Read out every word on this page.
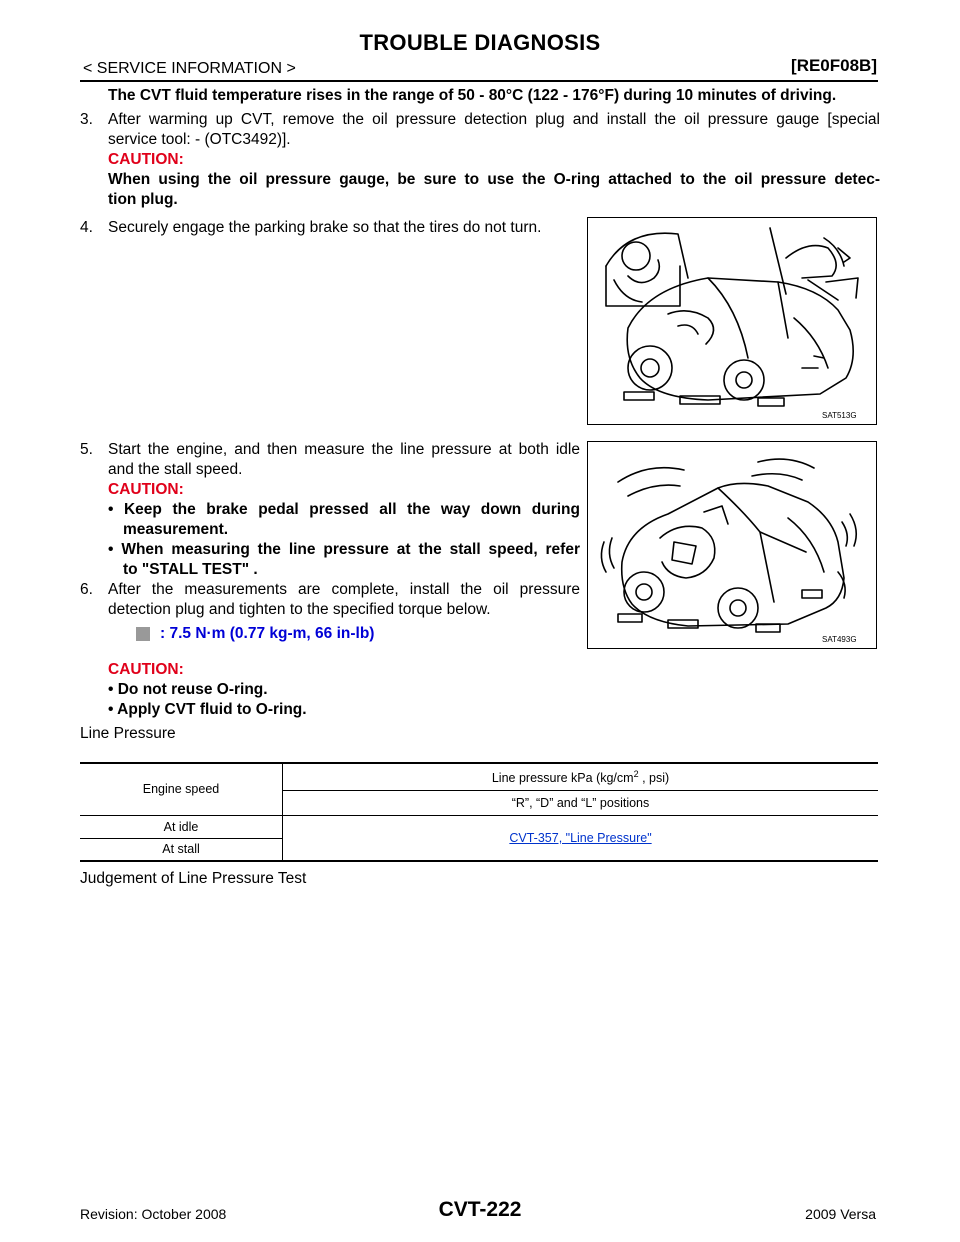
TROUBLE DIAGNOSIS
< SERVICE INFORMATION >	[RE0F08B]
The CVT fluid temperature rises in the range of 50 - 80°C (122 - 176°F) during 10 minutes of driving.
3. After warming up CVT, remove the oil pressure detection plug and install the oil pressure gauge [special
service tool: - (OTC3492)].
CAUTION:
When using the oil pressure gauge, be sure to use the O-ring attached to the oil pressure detec-
tion plug.
4. Securely engage the parking brake so that the tires do not turn.
SAT513G
5. Start the engine, and then measure the line pressure at both idle
and the stall speed.
CAUTION:
• Keep the brake pedal pressed all the way down during
measurement.
• When measuring the line pressure at the stall speed, refer
to "STALL TEST" .
6. After the measurements are complete, install the oil pressure
detection plug and tighten to the specified torque below.
: 7.5 N·m (0.77 kg-m, 66 in-lb)
CAUTION:
• Do not reuse O-ring.
• Apply CVT fluid to O-ring.
SAT493G
Line Pressure
Engine speed	Line pressure kPa ($kg/cm^2$ , psi)
	“R”, “D” and “L” positions
At idle	CVT-357, "Line Pressure"
At stall	
Judgement of Line Pressure Test
Revision: October 2008	CVT-222	2009 Versa
